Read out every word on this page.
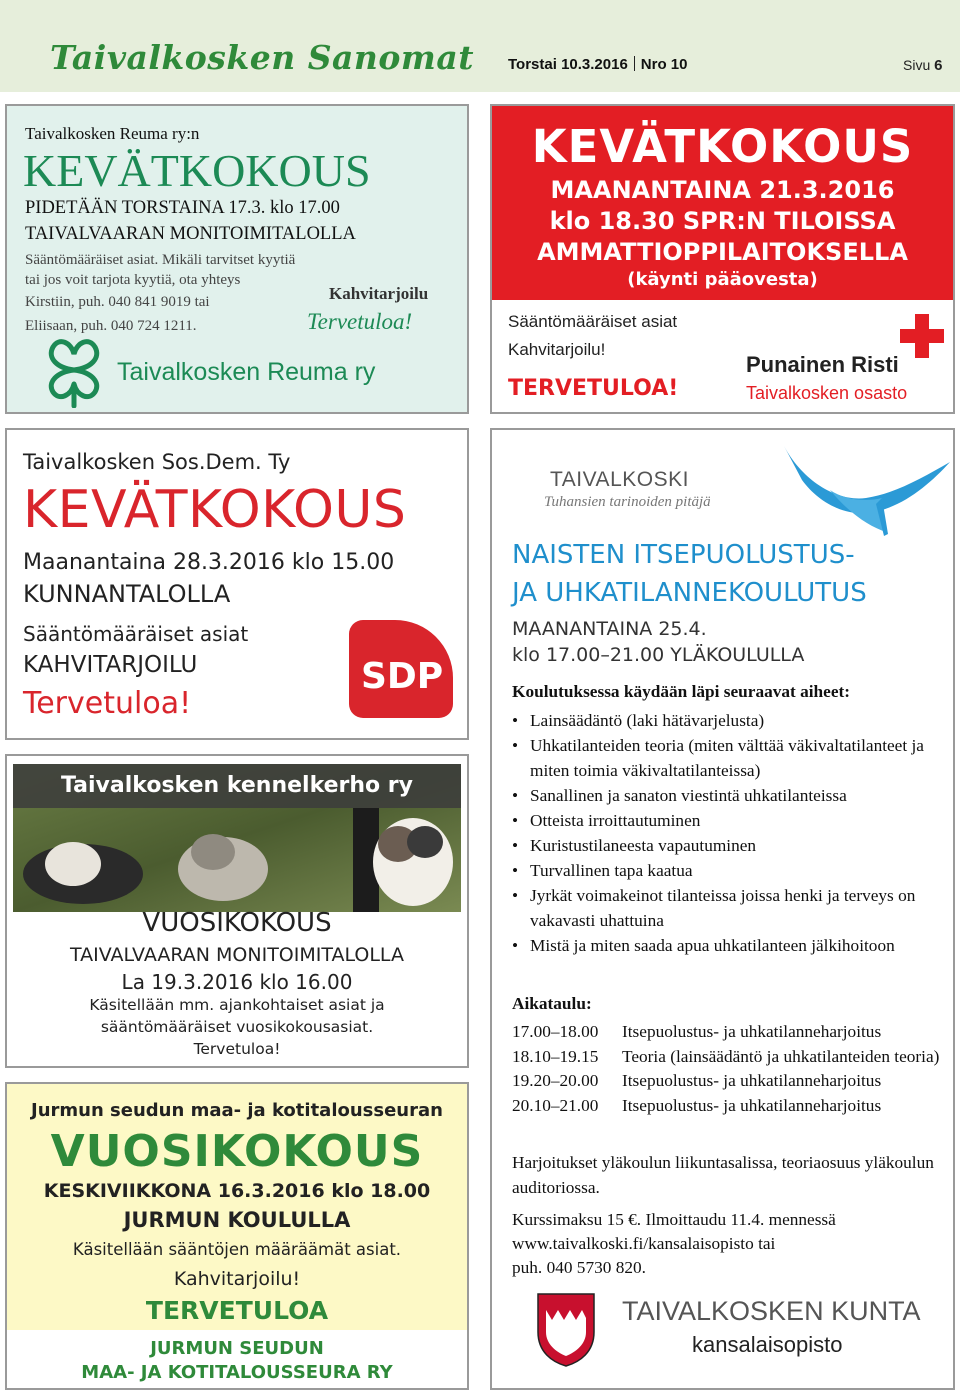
Taivalkosken Sanomat Torstai 10.3.2016 Nro 10	Sivu 6
Taivalkosken Reuma ry:n
KEVÄTKOKOUS
PIDETÄÄN TORSTAINA 17.3. klo 17.00
TAIVALVAARAN MONITOIMITALOLLA
Sääntömääräiset asiat. Mikäli tarvitset kyytiä
tai jos voit tarjota kyytiä, ota yhteys
Kirstiin, puh. 040 841 9019 tai
Eliisaan, puh. 040 724 1211.
Kahvitarjoilu
Tervetuloa!
Taivalkosken Reuma ry
KEVÄTKOKOUS
MAANANTAINA 21.3.2016
klo 18.30 SPR:N TILOISSA
AMMATTIOPPILAITOKSELLA
(käynti pääovesta)
Sääntömääräiset asiat
Kahvitarjoilu!
TERVETULOA!
Punainen Risti
Taivalkosken osasto
Taivalkosken Sos.Dem. Ty
KEVÄTKOKOUS
Maanantaina 28.3.2016 klo 15.00
KUNNANTALOLLA
Sääntömääräiset asiat
KAHVITARJOILU
Tervetuloa!
SDP
Taivalkosken kennelkerho ry
VUOSIKOKOUS
TAIVALVAARAN MONITOIMITALOLLA
La 19.3.2016 klo 16.00
Käsitellään mm. ajankohtaiset asiat ja
sääntömääräiset vuosikokousasiat.
Tervetuloa!
Jurmun seudun maa- ja kotitalousseuran
VUOSIKOKOUS
KESKIVIIKKONA 16.3.2016 klo 18.00
JURMUN KOULULLA
Käsitellään sääntöjen määräämät asiat.
Kahvitarjoilu!
TERVETULOA
JURMUN SEUDUN
MAA- JA KOTITALOUSSEURA RY
TAIVALKOSKI
Tuhansien tarinoiden pitäjä
NAISTEN ITSEPUOLUSTUS-
JA UHKATILANNEKOULUTUS
MAANANTAINA 25.4.
klo 17.00–21.00 YLÄKOULULLA
Koulutuksessa käydään läpi seuraavat aiheet:
• Lainsäädäntö (laki hätävarjelusta)
• Uhkatilanteiden teoria (miten välttää väkivaltatilanteet ja miten toimia väkivaltatilanteissa)
• Sanallinen ja sanaton viestintä uhkatilanteissa
• Otteista irroittautuminen
• Kuristustilaneesta vapautuminen
• Turvallinen tapa kaatua
• Jyrkät voimakeinot tilanteissa joissa henki ja terveys on vakavasti uhattuina
• Mistä ja miten saada apua uhkatilanteen jälkihoitoon
Aikataulu:
17.00–18.00	Itsepuolustus- ja uhkatilanneharjoitus
18.10–19.15	Teoria (lainsäädäntö ja uhkatilanteiden teoria)
19.20–20.00	Itsepuolustus- ja uhkatilanneharjoitus
20.10–21.00	Itsepuolustus- ja uhkatilanneharjoitus
Harjoitukset yläkoulun liikuntasalissa, teoriaosuus yläkoulun auditoriossa.
Kurssimaksu 15 €. Ilmoittaudu 11.4. mennessä
www.taivalkoski.fi/kansalaisopisto tai
puh. 040 5730 820.
TAIVALKOSKEN KUNTA
kansalaisopisto
